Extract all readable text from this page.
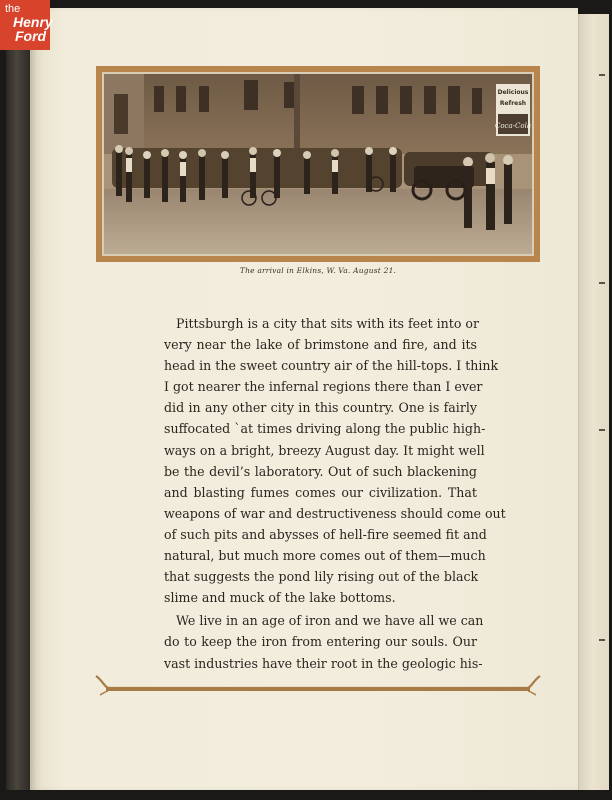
the
Henry
Ford
Delicious
Refresh
Coca-Cola
The arrival in Elkins, W. Va. August 21.

Pittsburgh is a city that sits with its feet into or
very near the lake of brimstone and fire, and its
head in the sweet country air of the hill-tops. I think
I got nearer the infernal regions there than I ever
did in any other city in this country. One is fairly
suffocated ˋat times driving along the public high-
ways on a bright, breezy August day. It might well
be the devil’s laboratory. Out of such blackening
and blasting fumes comes our civilization. That
weapons of war and destructiveness should come out
of such pits and abysses of hell-fire seemed fit and
natural, but much more comes out of them—much
that suggests the pond lily rising out of the black
slime and muck of the lake bottoms.

We live in an age of iron and we have all we can
do to keep the iron from entering our souls. Our
vast industries have their root in the geologic his-
